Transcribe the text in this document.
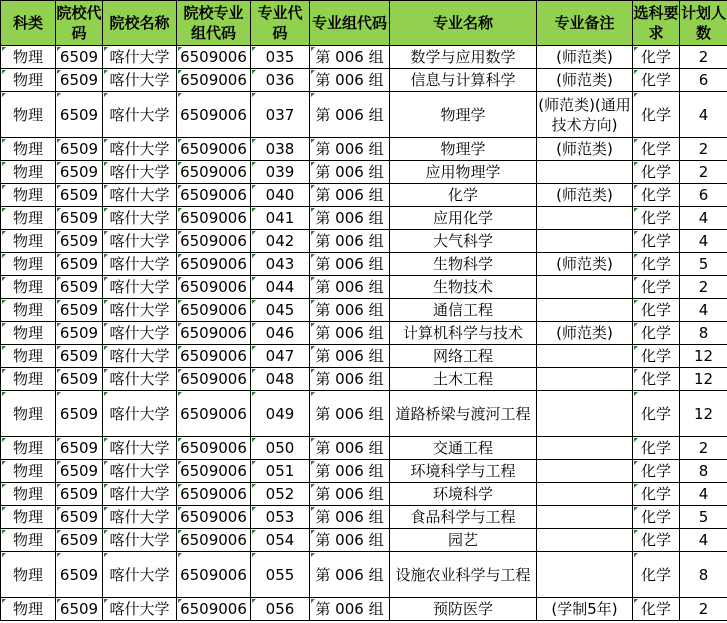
科类	院校代码	院校名称	院校专业组代码	专业代码	专业组代码	专业名称	专业备注	选科要求	计划人数
物理	6509	喀什大学	6509006	035	第 006 组	数学与应用数学	(师范类)	化学	2
物理	6509	喀什大学	6509006	036	第 006 组	信息与计算科学	(师范类)	化学	6
物理	6509	喀什大学	6509006	037	第 006 组	物理学	(师范类)(通用技术方向)	化学	4
物理	6509	喀什大学	6509006	038	第 006 组	物理学	(师范类)	化学	2
物理	6509	喀什大学	6509006	039	第 006 组	应用物理学		化学	2
物理	6509	喀什大学	6509006	040	第 006 组	化学	(师范类)	化学	6
物理	6509	喀什大学	6509006	041	第 006 组	应用化学		化学	4
物理	6509	喀什大学	6509006	042	第 006 组	大气科学		化学	4
物理	6509	喀什大学	6509006	043	第 006 组	生物科学	(师范类)	化学	5
物理	6509	喀什大学	6509006	044	第 006 组	生物技术		化学	2
物理	6509	喀什大学	6509006	045	第 006 组	通信工程		化学	4
物理	6509	喀什大学	6509006	046	第 006 组	计算机科学与技术	(师范类)	化学	8
物理	6509	喀什大学	6509006	047	第 006 组	网络工程		化学	12
物理	6509	喀什大学	6509006	048	第 006 组	土木工程		化学	12
物理	6509	喀什大学	6509006	049	第 006 组	道路桥梁与渡河工程		化学	12
物理	6509	喀什大学	6509006	050	第 006 组	交通工程		化学	2
物理	6509	喀什大学	6509006	051	第 006 组	环境科学与工程		化学	8
物理	6509	喀什大学	6509006	052	第 006 组	环境科学		化学	4
物理	6509	喀什大学	6509006	053	第 006 组	食品科学与工程		化学	5
物理	6509	喀什大学	6509006	054	第 006 组	园艺		化学	4
物理	6509	喀什大学	6509006	055	第 006 组	设施农业科学与工程		化学	8
物理	6509	喀什大学	6509006	056	第 006 组	预防医学	(学制5年)	化学	2
